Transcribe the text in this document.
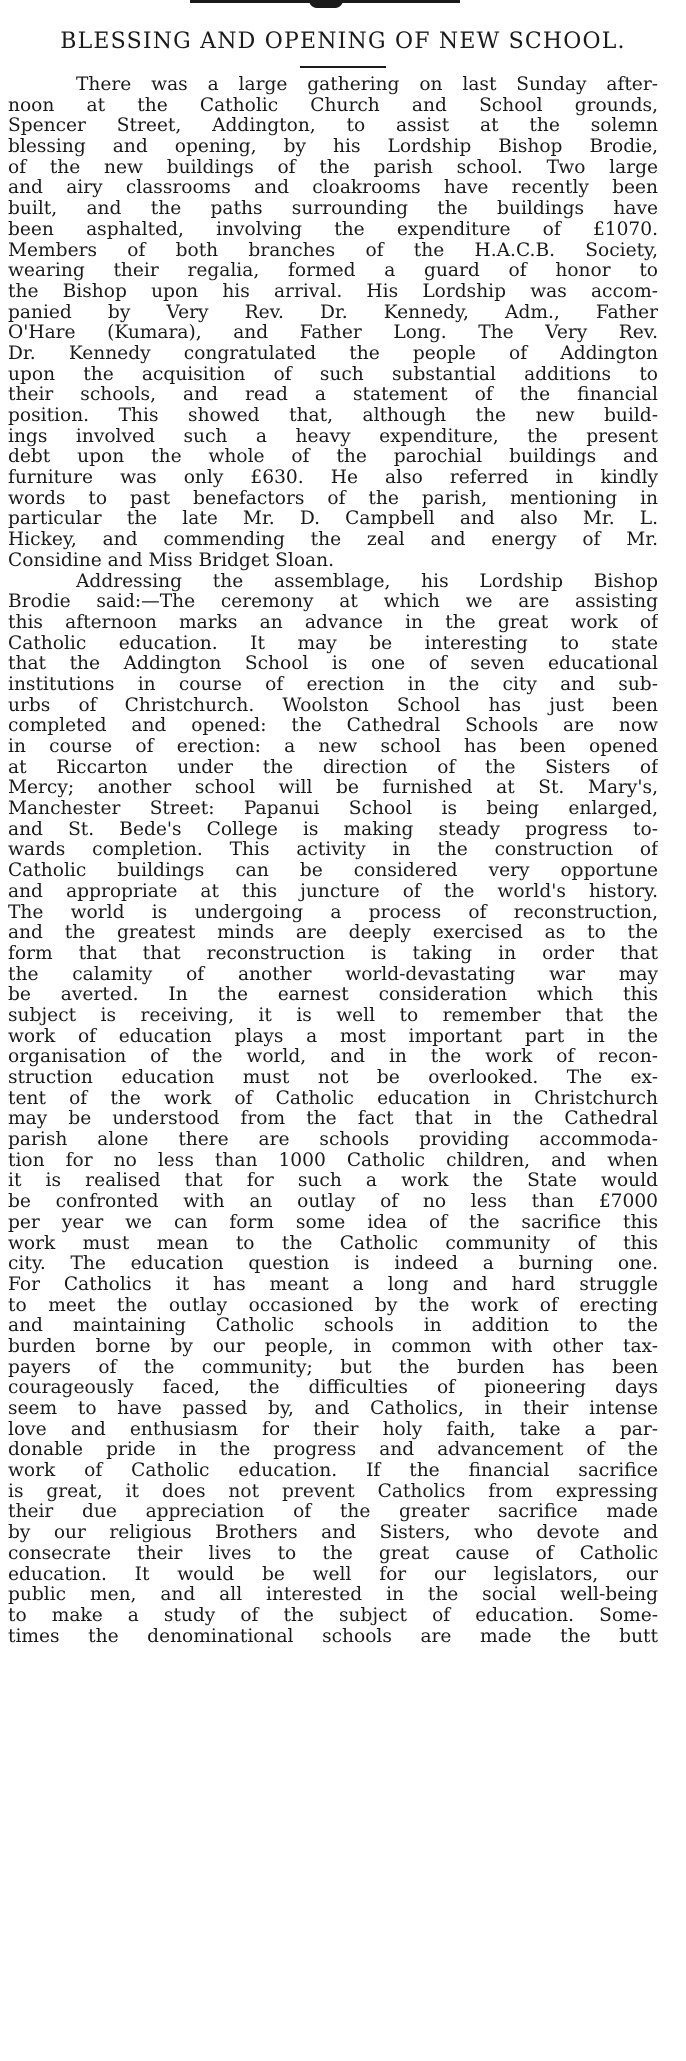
BLESSING AND OPENING OF NEW SCHOOL.
There was a large gathering on last Sunday after-
noon at the Catholic Church and School grounds,
Spencer Street, Addington, to assist at the solemn
blessing and opening, by his Lordship Bishop Brodie,
of the new buildings of the parish school. Two large
and airy classrooms and cloakrooms have recently been
built, and the paths surrounding the buildings have
been asphalted, involving the expenditure of £1070.
Members of both branches of the H.A.C.B. Society,
wearing their regalia, formed a guard of honor to
the Bishop upon his arrival. His Lordship was accom-
panied by Very Rev. Dr. Kennedy, Adm., Father
O'Hare (Kumara), and Father Long. The Very Rev.
Dr. Kennedy congratulated the people of Addington
upon the acquisition of such substantial additions to
their schools, and read a statement of the financial
position. This showed that, although the new build-
ings involved such a heavy expenditure, the present
debt upon the whole of the parochial buildings and
furniture was only £630. He also referred in kindly
words to past benefactors of the parish, mentioning in
particular the late Mr. D. Campbell and also Mr. L.
Hickey, and commending the zeal and energy of Mr.
Considine and Miss Bridget Sloan.
Addressing the assemblage, his Lordship Bishop
Brodie said:—The ceremony at which we are assisting
this afternoon marks an advance in the great work of
Catholic education. It may be interesting to state
that the Addington School is one of seven educational
institutions in course of erection in the city and sub-
urbs of Christchurch. Woolston School has just been
completed and opened: the Cathedral Schools are now
in course of erection: a new school has been opened
at Riccarton under the direction of the Sisters of
Mercy; another school will be furnished at St. Mary's,
Manchester Street: Papanui School is being enlarged,
and St. Bede's College is making steady progress to-
wards completion. This activity in the construction of
Catholic buildings can be considered very opportune
and appropriate at this juncture of the world's history.
The world is undergoing a process of reconstruction,
and the greatest minds are deeply exercised as to the
form that that reconstruction is taking in order that
the calamity of another world-devastating war may
be averted. In the earnest consideration which this
subject is receiving, it is well to remember that the
work of education plays a most important part in the
organisation of the world, and in the work of recon-
struction education must not be overlooked. The ex-
tent of the work of Catholic education in Christchurch
may be understood from the fact that in the Cathedral
parish alone there are schools providing accommoda-
tion for no less than 1000 Catholic children, and when
it is realised that for such a work the State would
be confronted with an outlay of no less than £7000
per year we can form some idea of the sacrifice this
work must mean to the Catholic community of this
city. The education question is indeed a burning one.
For Catholics it has meant a long and hard struggle
to meet the outlay occasioned by the work of erecting
and maintaining Catholic schools in addition to the
burden borne by our people, in common with other tax-
payers of the community; but the burden has been
courageously faced, the difficulties of pioneering days
seem to have passed by, and Catholics, in their intense
love and enthusiasm for their holy faith, take a par-
donable pride in the progress and advancement of the
work of Catholic education. If the financial sacrifice
is great, it does not prevent Catholics from expressing
their due appreciation of the greater sacrifice made
by our religious Brothers and Sisters, who devote and
consecrate their lives to the great cause of Catholic
education. It would be well for our legislators, our
public men, and all interested in the social well-being
to make a study of the subject of education. Some-
times the denominational schools are made the butt
